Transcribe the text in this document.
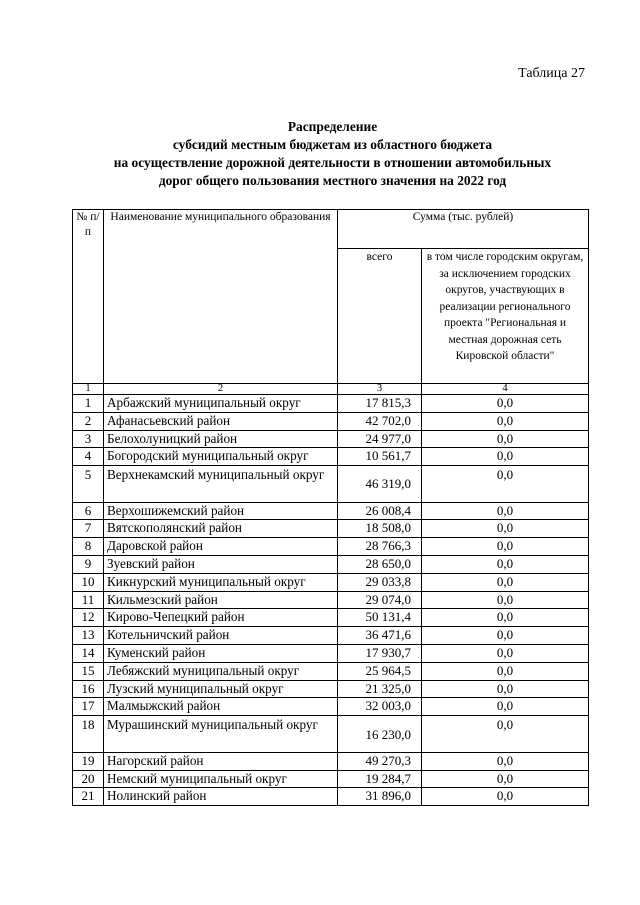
Таблица 27
Распределение
субсидий местным бюджетам из областного бюджета
на осуществление дорожной деятельности в отношении автомобильных
дорог общего пользования местного значения на 2022 год
№ п/п	Наименование муниципального образования	Сумма (тыс. рублей)	
		всего	в том числе городским округам, за исключением городских округов, участвующих в реализации регионального проекта "Региональная и местная дорожная сеть Кировской области"
1	2	3	4
1	Арбажский муниципальный округ	17 815,3	0,0
2	Афанасьевский район	42 702,0	0,0
3	Белохолуницкий район	24 977,0	0,0
4	Богородский муниципальный округ	10 561,7	0,0
5	Верхнекамский муниципальный округ	46 319,0	0,0
6	Верхошижемский район	26 008,4	0,0
7	Вятскополянский район	18 508,0	0,0
8	Даровской район	28 766,3	0,0
9	Зуевский район	28 650,0	0,0
10	Кикнурский муниципальный округ	29 033,8	0,0
11	Кильмезский район	29 074,0	0,0
12	Кирово-Чепецкий район	50 131,4	0,0
13	Котельничский район	36 471,6	0,0
14	Куменский район	17 930,7	0,0
15	Лебяжский муниципальный округ	25 964,5	0,0
16	Лузский муниципальный округ	21 325,0	0,0
17	Малмыжский район	32 003,0	0,0
18	Мурашинский муниципальный округ	16 230,0	0,0
19	Нагорский район	49 270,3	0,0
20	Немский муниципальный округ	19 284,7	0,0
21	Нолинский район	31 896,0	0,0
